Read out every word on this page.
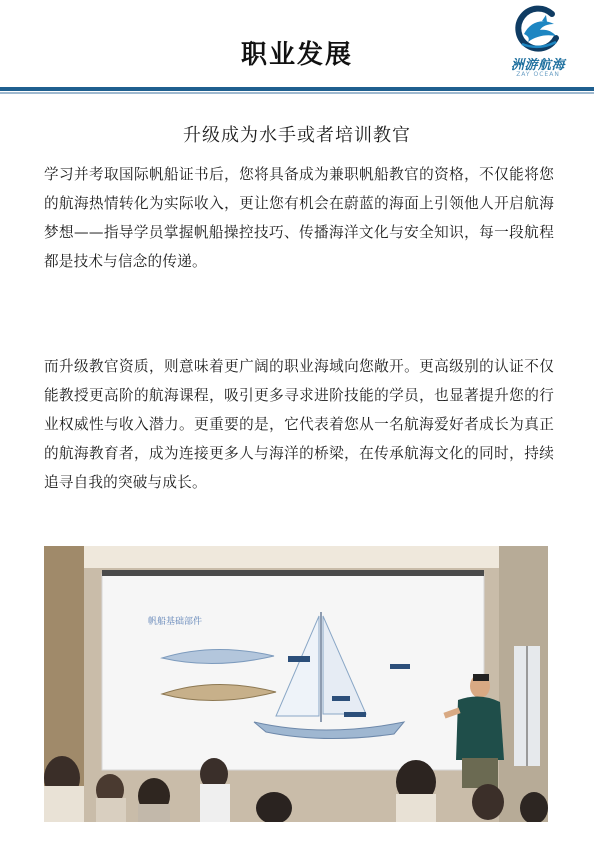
职业发展	洲游航海
ZAY OCEAN
升级成为水手或者培训教官
学习并考取国际帆船证书后，您将具备成为兼职帆船教官的资格，不仅能将您的航海热情转化为实际收入，更让您有机会在蔚蓝的海面上引领他人开启航海梦想——指导学员掌握帆船操控技巧、传播海洋文化与安全知识，每一段航程都是技术与信念的传递。
而升级教官资质，则意味着更广阔的职业海域向您敞开。更高级别的认证不仅能教授更高阶的航海课程，吸引更多寻求进阶技能的学员，也显著提升您的行业权威性与收入潜力。更重要的是，它代表着您从一名航海爱好者成长为真正的航海教育者，成为连接更多人与海洋的桥梁，在传承航海文化的同时，持续追寻自我的突破与成长。
帆船基础部件
